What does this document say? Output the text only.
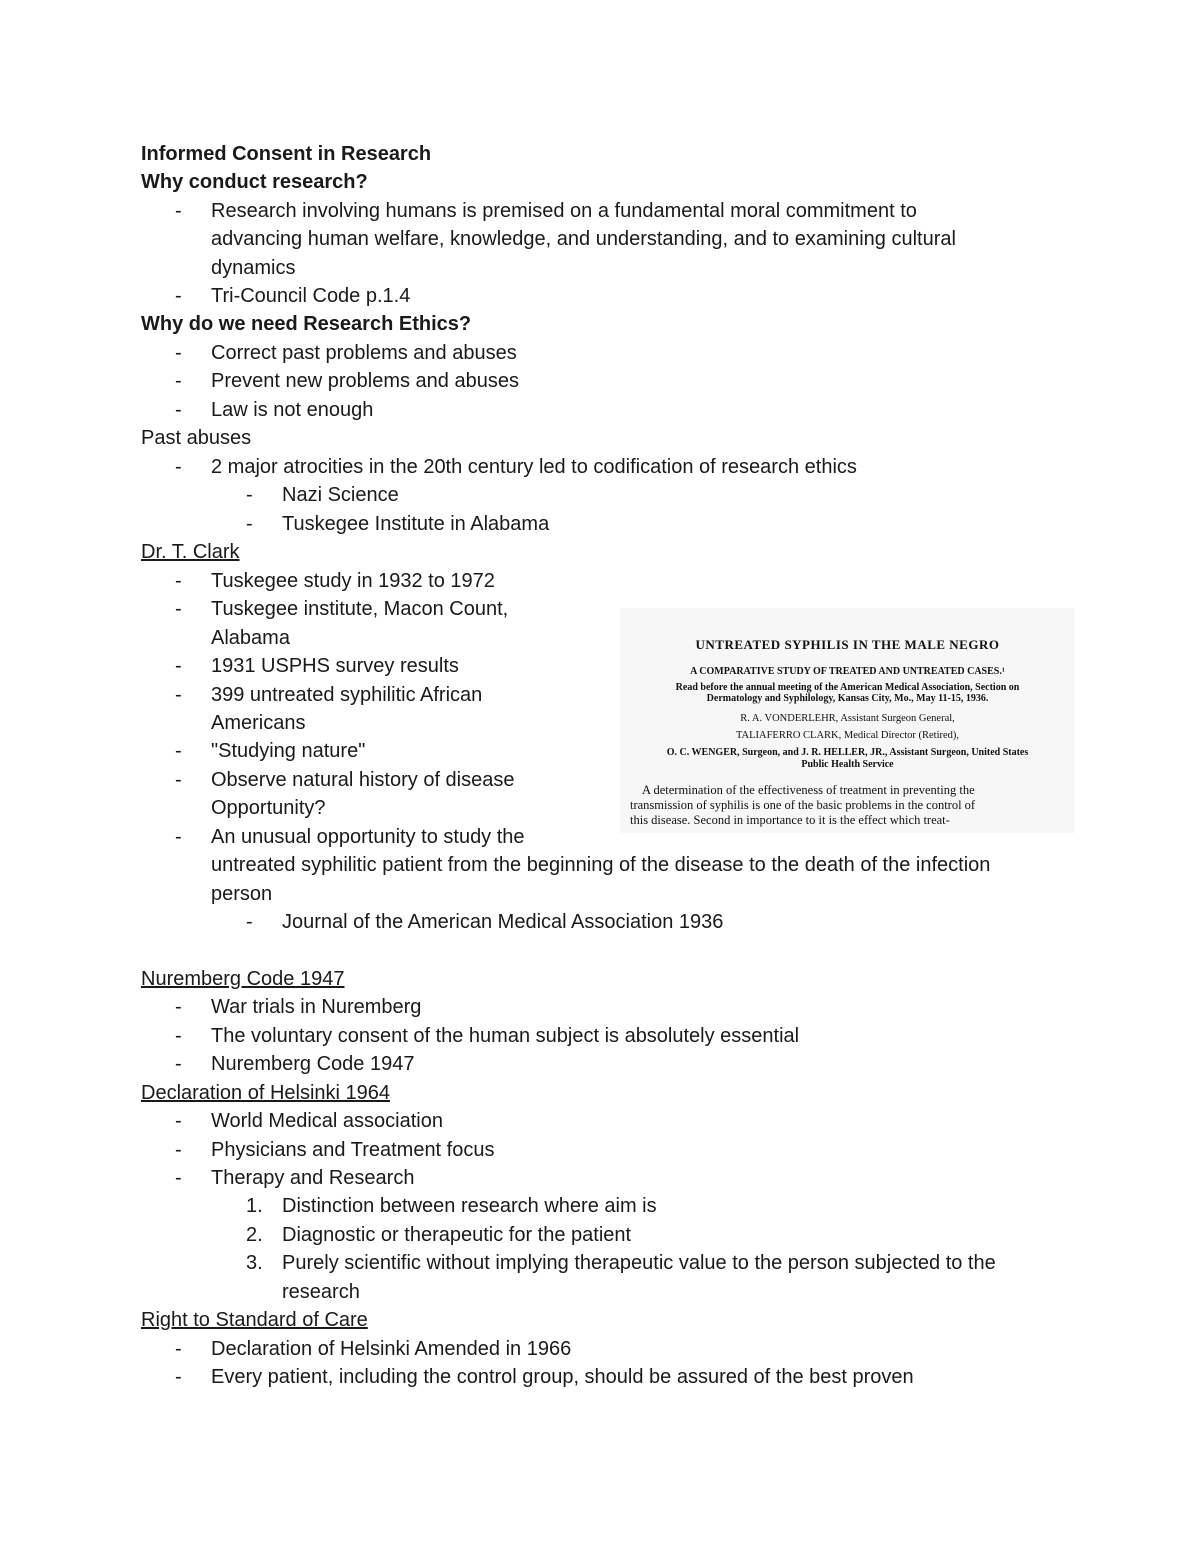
Informed Consent in Research
Why conduct research?
- Research involving humans is premised on a fundamental moral commitment to
advancing human welfare, knowledge, and understanding, and to examining cultural
dynamics
- Tri-Council Code p.1.4
Why do we need Research Ethics?
- Correct past problems and abuses
- Prevent new problems and abuses
- Law is not enough
Past abuses
- 2 major atrocities in the 20th century led to codification of research ethics
- Nazi Science
- Tuskegee Institute in Alabama
Dr. T. Clark
- Tuskegee study in 1932 to 1972
- Tuskegee institute, Macon Count,
Alabama
- 1931 USPHS survey results
- 399 untreated syphilitic African
Americans
- "Studying nature"
- Observe natural history of disease
Opportunity?
- An unusual opportunity to study the
untreated syphilitic patient from the beginning of the disease to the death of the infection
person
- Journal of the American Medical Association 1936
UNTREATED SYPHILIS IN THE MALE NEGRO
A COMPARATIVE STUDY OF TREATED AND UNTREATED CASES.¹
Read before the annual meeting of the American Medical Association, Section on
Dermatology and Syphilology, Kansas City, Mo., May 11-15, 1936.
R. A. VONDERLEHR, Assistant Surgeon General,
TALIAFERRO CLARK, Medical Director (Retired),
O. C. WENGER, Surgeon, and J. R. HELLER, JR., Assistant Surgeon, United States
Public Health Service
A determination of the effectiveness of treatment in preventing the
transmission of syphilis is one of the basic problems in the control of
this disease. Second in importance to it is the effect which treat-
Nuremberg Code 1947
- War trials in Nuremberg
- The voluntary consent of the human subject is absolutely essential
- Nuremberg Code 1947
Declaration of Helsinki 1964
- World Medical association
- Physicians and Treatment focus
- Therapy and Research
1. Distinction between research where aim is
2. Diagnostic or therapeutic for the patient
3. Purely scientific without implying therapeutic value to the person subjected to the
research
Right to Standard of Care
- Declaration of Helsinki Amended in 1966
- Every patient, including the control group, should be assured of the best proven
